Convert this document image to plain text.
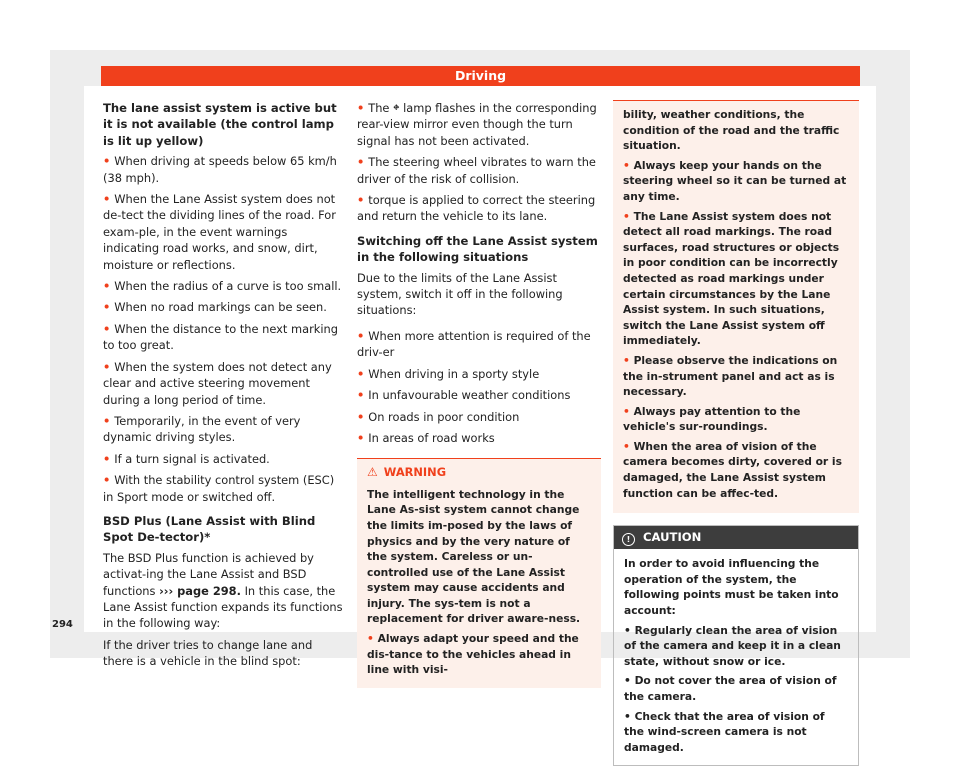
Driving

The lane assist system is active but it is not available (the control lamp is lit up yellow)

• When driving at speeds below 65 km/h (38 mph).

• When the Lane Assist system does not de-tect the dividing lines of the road. For exam-ple, in the event warnings indicating road works, and snow, dirt, moisture or reflections.

• When the radius of a curve is too small.

• When no road markings can be seen.

• When the distance to the next marking to too great.

• When the system does not detect any clear and active steering movement during a long period of time.

• Temporarily, in the event of very dynamic driving styles.

• If a turn signal is activated.

• With the stability control system (ESC) in Sport mode or switched off.

BSD Plus (Lane Assist with Blind Spot De-tector)*

The BSD Plus function is achieved by activat-ing the Lane Assist and BSD functions ››› page 298. In this case, the Lane Assist function expands its functions in the following way:

If the driver tries to change lane and there is a vehicle in the blind spot:

• The ⛖ lamp flashes in the corresponding rear-view mirror even though the turn signal has not been activated.

• The steering wheel vibrates to warn the driver of the risk of collision.

• torque is applied to correct the steering and return the vehicle to its lane.

Switching off the Lane Assist system in the following situations

Due to the limits of the Lane Assist system, switch it off in the following situations:

• When more attention is required of the driv-er

• When driving in a sporty style

• In unfavourable weather conditions

• On roads in poor condition

• In areas of road works

⚠ WARNING

The intelligent technology in the Lane As-sist system cannot change the limits im-posed by the laws of physics and by the very nature of the system. Careless or un-controlled use of the Lane Assist system may cause accidents and injury. The sys-tem is not a replacement for driver aware-ness.

• Always adapt your speed and the dis-tance to the vehicles ahead in line with visi-

bility, weather conditions, the condition of the road and the traffic situation.

• Always keep your hands on the steering wheel so it can be turned at any time.

• The Lane Assist system does not detect all road markings. The road surfaces, road structures or objects in poor condition can be incorrectly detected as road markings under certain circumstances by the Lane Assist system. In such situations, switch the Lane Assist system off immediately.

• Please observe the indications on the in-strument panel and act as is necessary.

• Always pay attention to the vehicle's sur-roundings.

• When the area of vision of the camera becomes dirty, covered or is damaged, the Lane Assist system function can be affec-ted.

! CAUTION

In order to avoid influencing the operation of the system, the following points must be taken into account:

• Regularly clean the area of vision of the camera and keep it in a clean state, without snow or ice.

• Do not cover the area of vision of the camera.

• Check that the area of vision of the wind-screen camera is not damaged.

294
